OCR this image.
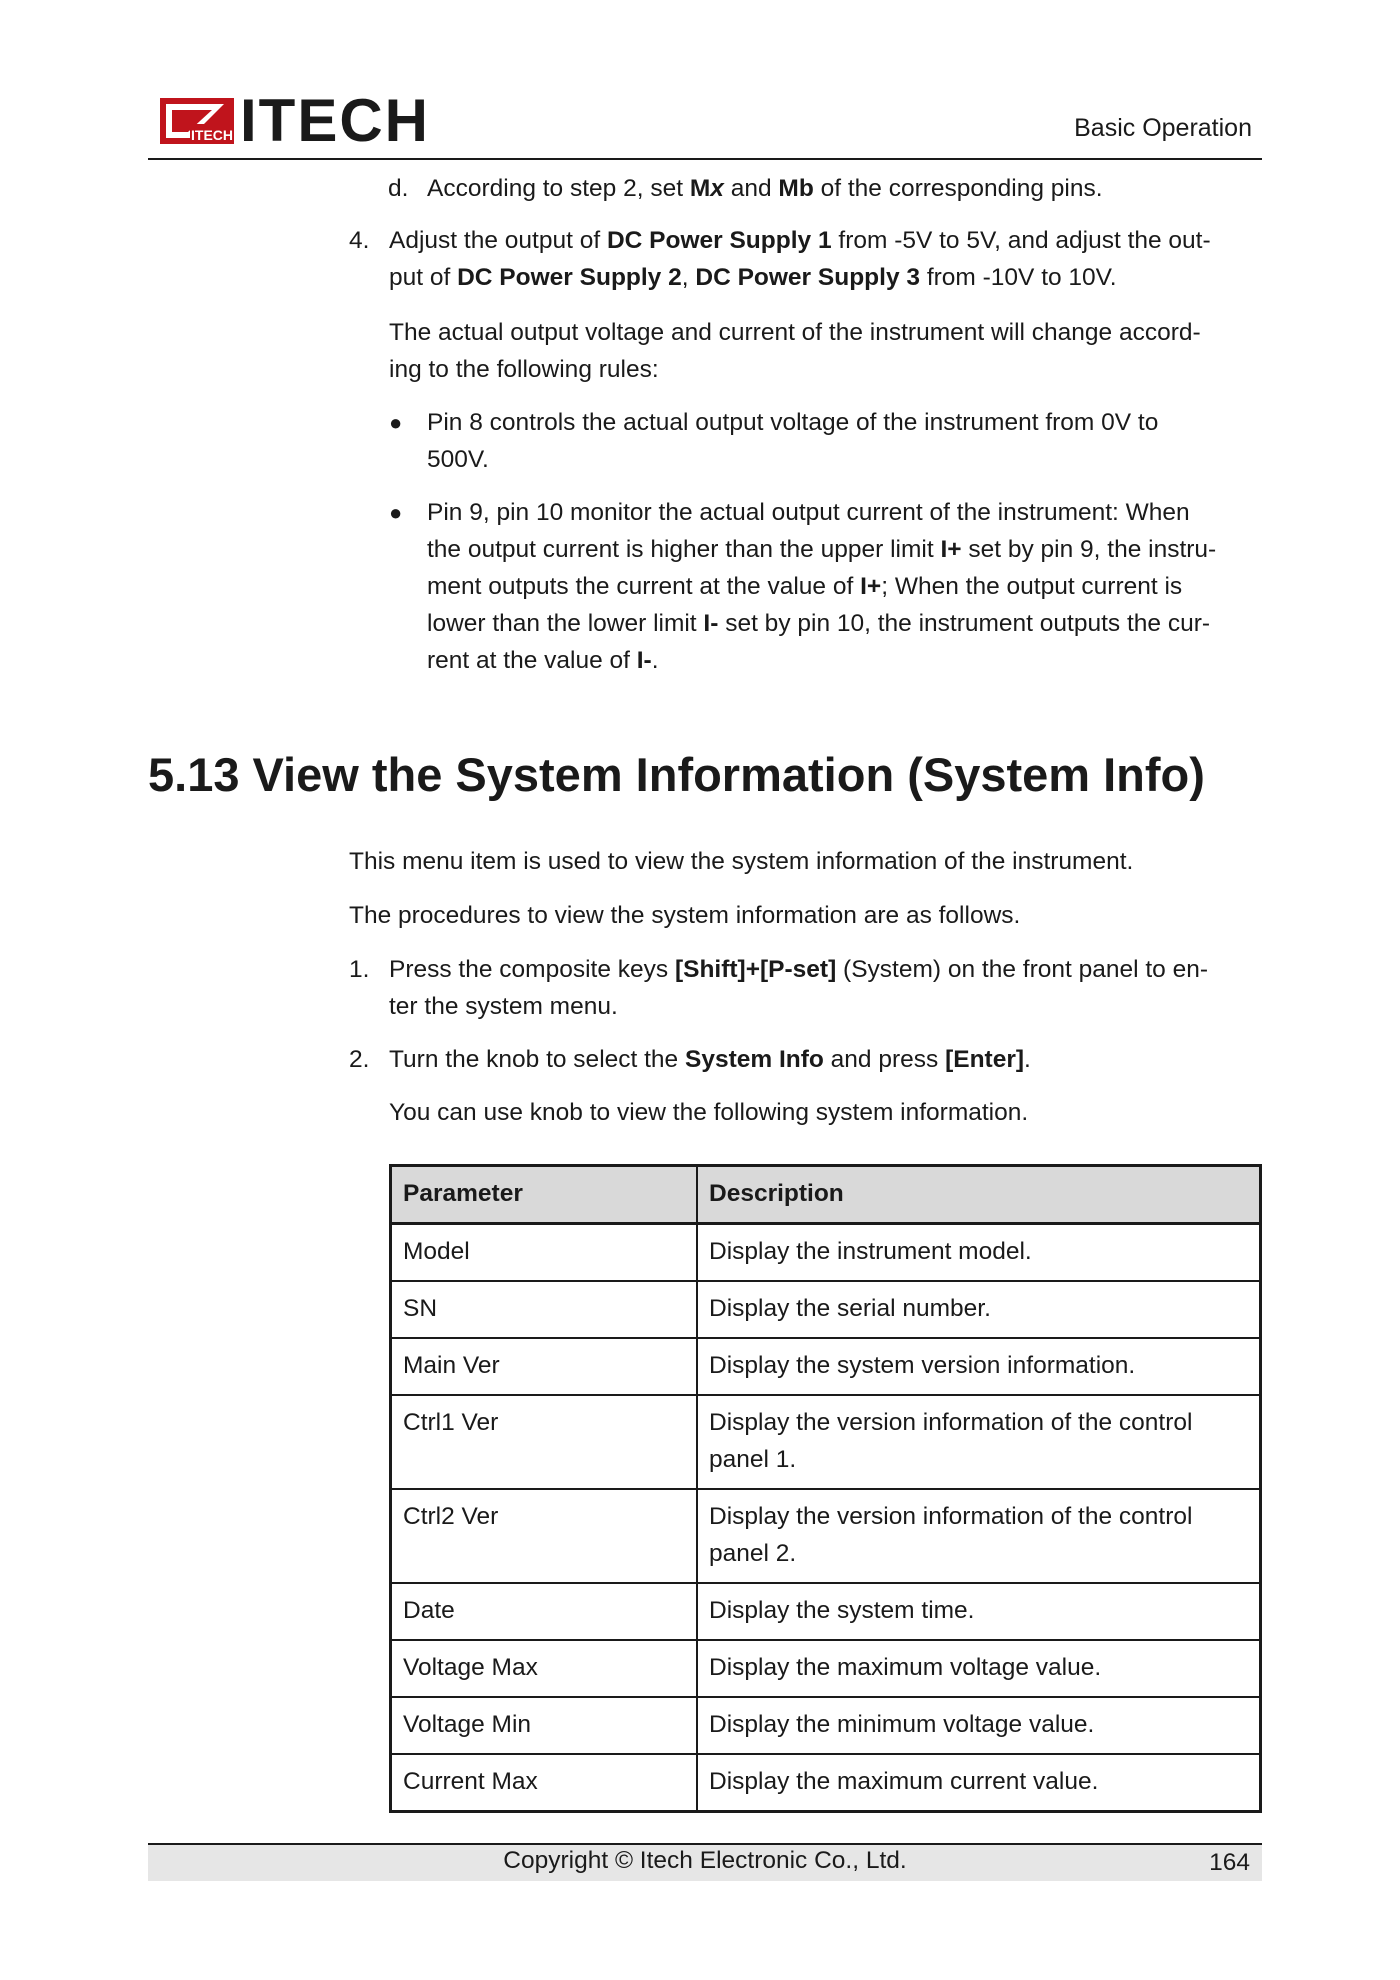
ITECH ITECH	Basic Operation
d. According to step 2, set Mx and Mb of the corresponding pins.

4. Adjust the output of DC Power Supply 1 from -5V to 5V, and adjust the out-

put of DC Power Supply 2, DC Power Supply 3 from -10V to 10V.

The actual output voltage and current of the instrument will change accord-

ing to the following rules:

● Pin 8 controls the actual output voltage of the instrument from 0V to

500V.

● Pin 9, pin 10 monitor the actual output current of the instrument: When

the output current is higher than the upper limit I+ set by pin 9, the instru-

ment outputs the current at the value of I+; When the output current is

lower than the lower limit I- set by pin 10, the instrument outputs the cur-

rent at the value of I-.

5.13 View the System Information (System Info)

This menu item is used to view the system information of the instrument.

The procedures to view the system information are as follows.

1. Press the composite keys [Shift]+[P-set] (System) on the front panel to en-

ter the system menu.

2. Turn the knob to select the System Info and press [Enter].

You can use knob to view the following system information.

Parameter	Description
Model	Display the instrument model.
SN	Display the serial number.
Main Ver	Display the system version information.
Ctrl1 Ver	Display the version information of the control panel 1.
Ctrl2 Ver	Display the version information of the control panel 2.
Date	Display the system time.
Voltage Max	Display the maximum voltage value.
Voltage Min	Display the minimum voltage value.
Current Max	Display the maximum current value.
Copyright © Itech Electronic Co., Ltd.	164
